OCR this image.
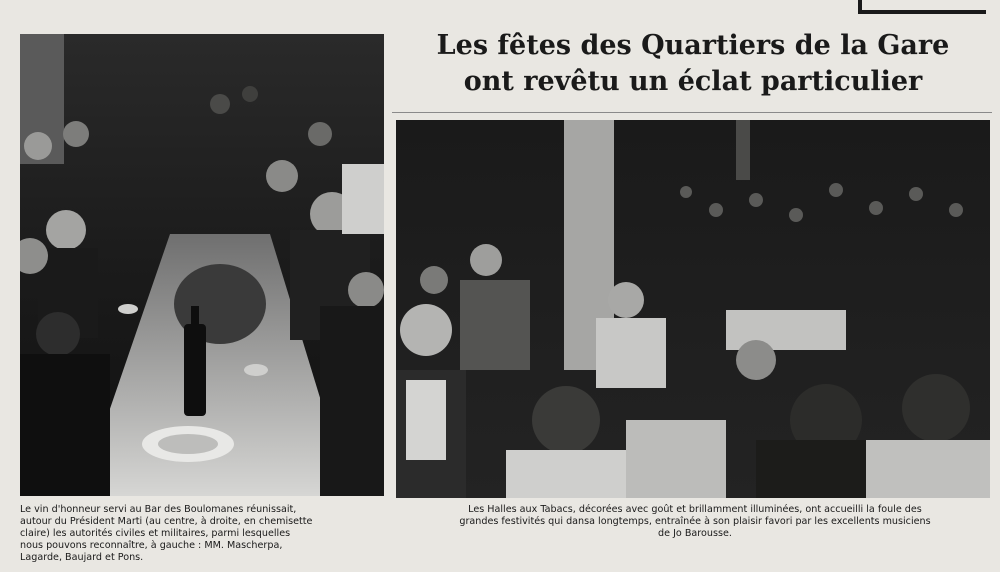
Les fêtes des Quartiers de la Gare
ont revêtu un éclat particulier
Le vin d'honneur servi au Bar des Boulomanes réunissait,
autour du Président Marti (au centre, à droite, en chemisette
claire) les autorités civiles et militaires, parmi lesquelles
nous pouvons reconnaître, à gauche : MM. Mascherpa,
Lagarde, Baujard et Pons.
Les Halles aux Tabacs, décorées avec goût et brillamment illuminées, ont accueilli la foule des
grandes festivités qui dansa longtemps, entraînée à son plaisir favori par les excellents musiciens
de Jo Barousse.
